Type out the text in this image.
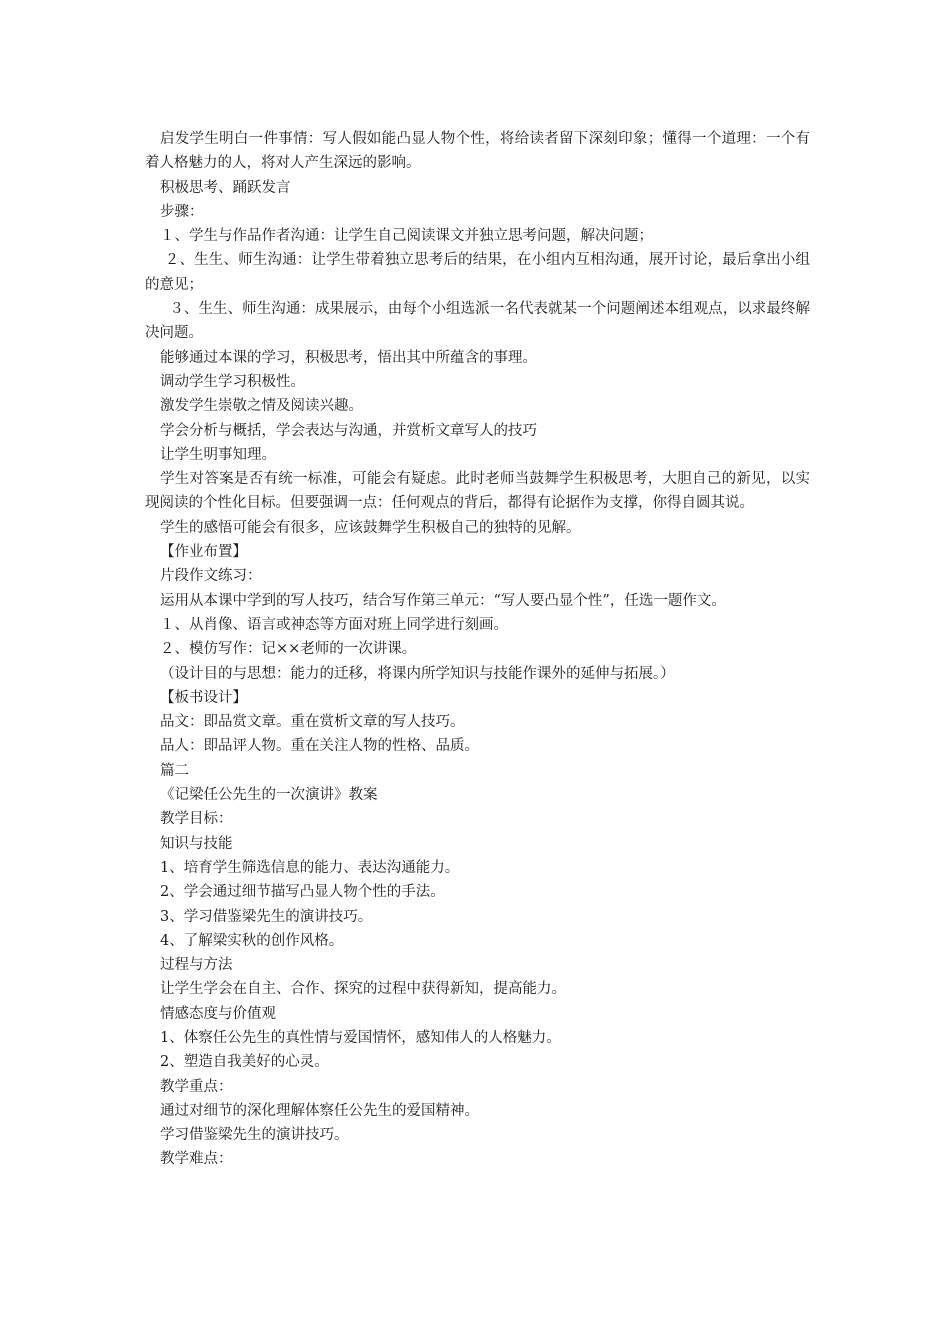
启发学生明白一件事情：写人假如能凸显人物个性，将给读者留下深刻印象；懂得一个道理：一个有着人格魅力的人，将对人产生深远的影响。

积极思考、踊跃发言

步骤：

１、学生与作品作者沟通：让学生自己阅读课文并独立思考问题，解决问题；

２、生生、师生沟通：让学生带着独立思考后的结果，在小组内互相沟通，展开讨论，最后拿出小组的意见；

３、生生、师生沟通：成果展示，由每个小组选派一名代表就某一个问题阐述本组观点，以求最终解决问题。

能够通过本课的学习，积极思考，悟出其中所蕴含的事理。

调动学生学习积极性。

激发学生崇敬之情及阅读兴趣。

学会分析与概括，学会表达与沟通，并赏析文章写人的技巧

让学生明事知理。

学生对答案是否有统一标准，可能会有疑虑。此时老师当鼓舞学生积极思考，大胆自己的新见，以实现阅读的个性化目标。但要强调一点：任何观点的背后，都得有论据作为支撑，你得自圆其说。

学生的感悟可能会有很多，应该鼓舞学生积极自己的独特的见解。

【作业布置】

片段作文练习：

运用从本课中学到的写人技巧，结合写作第三单元：“写人要凸显个性”，任选一题作文。

１、从肖像、语言或神态等方面对班上同学进行刻画。

２、模仿写作：记××老师的一次讲课。

（设计目的与思想：能力的迁移，将课内所学知识与技能作课外的延伸与拓展。）

【板书设计】

品文：即品赏文章。重在赏析文章的写人技巧。

品人：即品评人物。重在关注人物的性格、品质。

篇二

《记梁任公先生的一次演讲》教案

教学目标：

知识与技能

1、培育学生筛选信息的能力、表达沟通能力。

2、学会通过细节描写凸显人物个性的手法。

3、学习借鉴梁先生的演讲技巧。

4、了解梁实秋的创作风格。

过程与方法

让学生学会在自主、合作、探究的过程中获得新知，提高能力。

情感态度与价值观

1、体察任公先生的真性情与爱国情怀，感知伟人的人格魅力。

2、塑造自我美好的心灵。

教学重点：

通过对细节的深化理解体察任公先生的爱国精神。

学习借鉴梁先生的演讲技巧。

教学难点：
